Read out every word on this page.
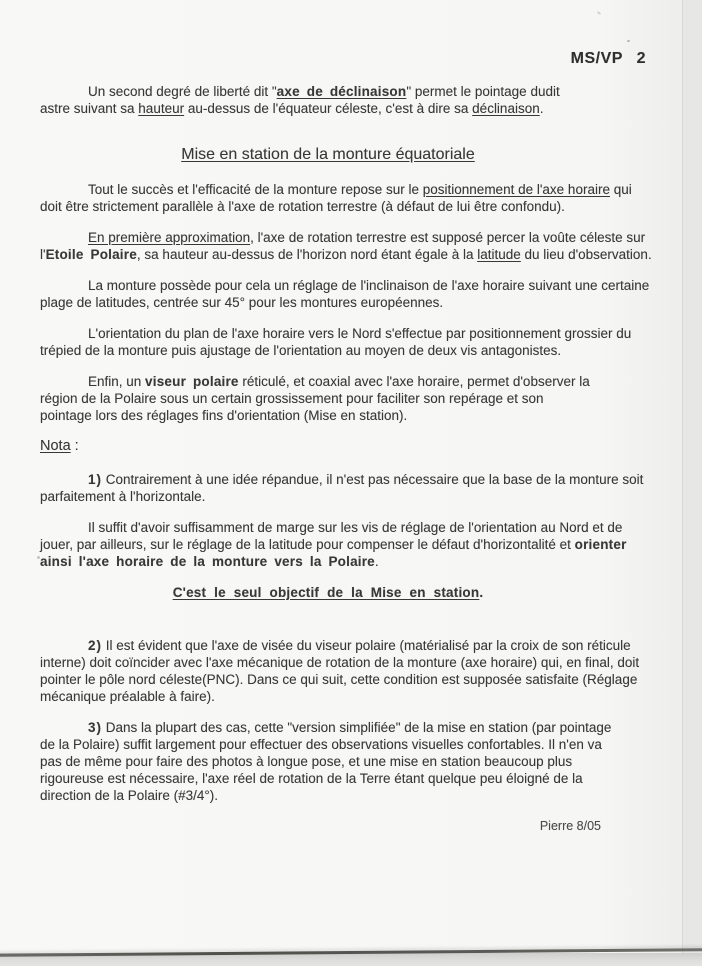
MS/VP 2

Un second degré de liberté dit "axe de déclinaison" permet le pointage dudit astre suivant sa hauteur au-dessus de l'équateur céleste, c'est à dire sa déclinaison.

Mise en station de la monture équatoriale

Tout le succès et l'efficacité de la monture repose sur le positionnement de l'axe horaire qui doit être strictement parallèle à l'axe de rotation terrestre (à défaut de lui être confondu).

En première approximation, l'axe de rotation terrestre est supposé percer la voûte céleste sur l'Etoile Polaire, sa hauteur au-dessus de l'horizon nord étant égale à la latitude du lieu d'observation.

La monture possède pour cela un réglage de l'inclinaison de l'axe horaire suivant une certaine plage de latitudes, centrée sur 45° pour les montures européennes.

L'orientation du plan de l'axe horaire vers le Nord s'effectue par positionnement grossier du trépied de la monture puis ajustage de l'orientation au moyen de deux vis antagonistes.

Enfin, un viseur polaire réticulé, et coaxial avec l'axe horaire, permet d'observer la région de la Polaire sous un certain grossissement pour faciliter son repérage et son pointage lors des réglages fins d'orientation (Mise en station).

Nota :

1) Contrairement à une idée répandue, il n'est pas nécessaire que la base de la monture soit parfaitement à l'horizontale.

Il suffit d'avoir suffisamment de marge sur les vis de réglage de l'orientation au Nord et de jouer, par ailleurs, sur le réglage de la latitude pour compenser le défaut d'horizontalité et orienter ainsi l'axe horaire de la monture vers la Polaire.

C'est le seul objectif de la Mise en station.

2) Il est évident que l'axe de visée du viseur polaire (matérialisé par la croix de son réticule interne) doit coïncider avec l'axe mécanique de rotation de la monture (axe horaire) qui, en final, doit pointer le pôle nord céleste(PNC). Dans ce qui suit, cette condition est supposée satisfaite (Réglage mécanique préalable à faire).

3) Dans la plupart des cas, cette "version simplifiée" de la mise en station (par pointage de la Polaire) suffit largement pour effectuer des observations visuelles confortables. Il n'en va pas de même pour faire des photos à longue pose, et une mise en station beaucoup plus rigoureuse est nécessaire, l'axe réel de rotation de la Terre étant quelque peu éloigné de la direction de la Polaire (#3/4°).

Pierre 8/05
